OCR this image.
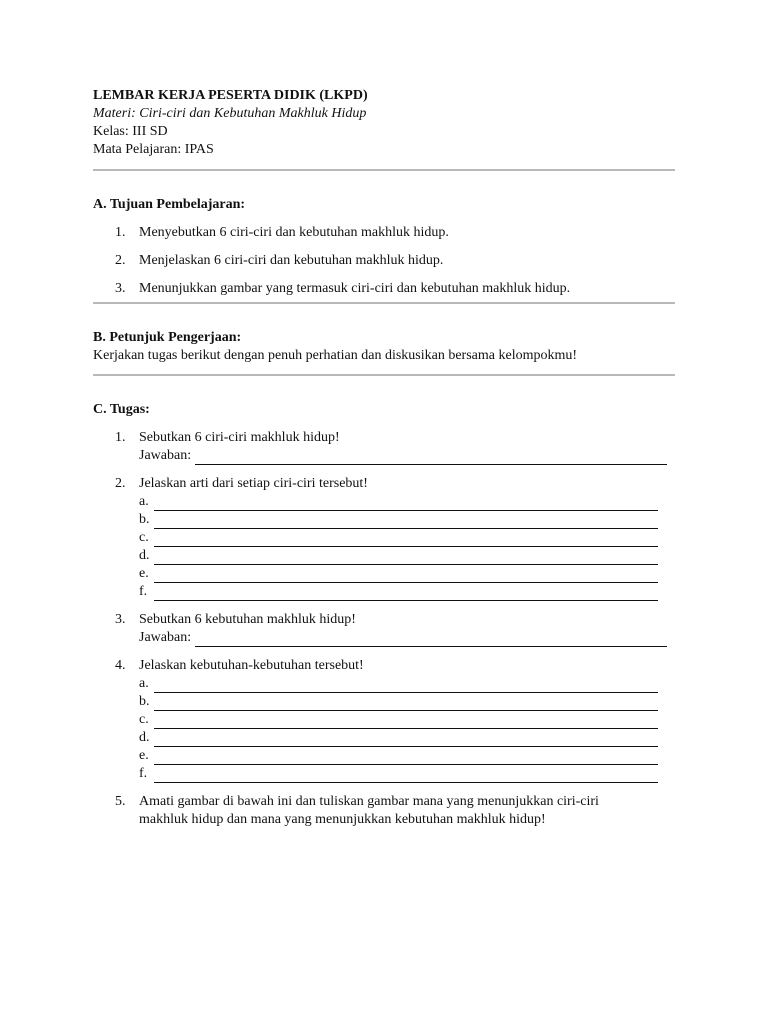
LEMBAR KERJA PESERTA DIDIK (LKPD)
Materi: Ciri-ciri dan Kebutuhan Makhluk Hidup
Kelas: III SD
Mata Pelajaran: IPAS
A. Tujuan Pembelajaran:
1. Menyebutkan 6 ciri-ciri dan kebutuhan makhluk hidup.
2. Menjelaskan 6 ciri-ciri dan kebutuhan makhluk hidup.
3. Menunjukkan gambar yang termasuk ciri-ciri dan kebutuhan makhluk hidup.
B. Petunjuk Pengerjaan:
Kerjakan tugas berikut dengan penuh perhatian dan diskusikan bersama kelompokmu!
C. Tugas:
1. Sebutkan 6 ciri-ciri makhluk hidup!
Jawaban:
2. Jelaskan arti dari setiap ciri-ciri tersebut!
a.
b.
c.
d.
e.
f.
3. Sebutkan 6 kebutuhan makhluk hidup!
Jawaban:
4. Jelaskan kebutuhan-kebutuhan tersebut!
a.
b.
c.
d.
e.
f.
5. Amati gambar di bawah ini dan tuliskan gambar mana yang menunjukkan ciri-ciri
makhluk hidup dan mana yang menunjukkan kebutuhan makhluk hidup!
